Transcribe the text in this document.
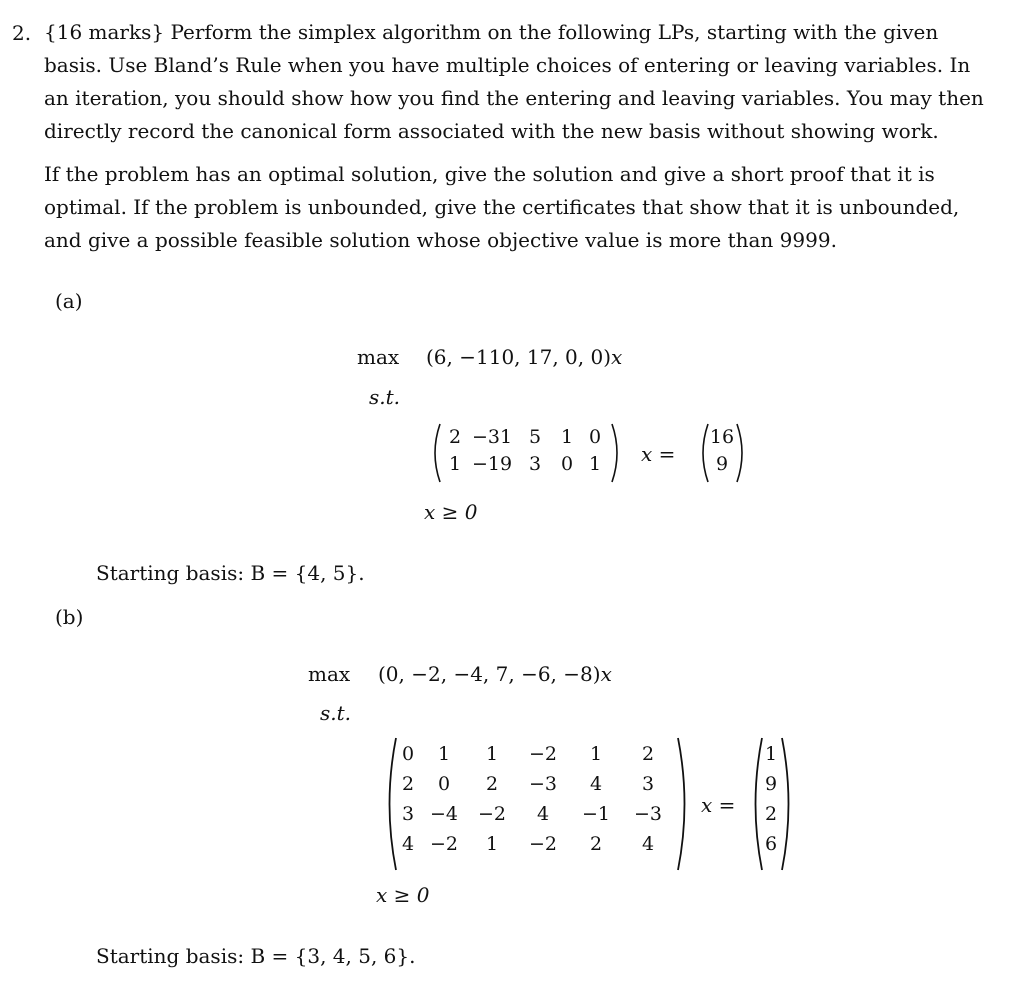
2. {16 marks} Perform the simplex algorithm on the following LPs, starting with the given
basis. Use Bland’s Rule when you have multiple choices of entering or leaving variables. In
an iteration, you should show how you find the entering and leaving variables. You may then
directly record the canonical form associated with the new basis without showing work.
If the problem has an optimal solution, give the solution and give a short proof that it is
optimal. If the problem is unbounded, give the certificates that show that it is unbounded,
and give a possible feasible solution whose objective value is more than 9999.
(a)
max (6, −110, 17, 0, 0)x
s.t.
2	−31	5	1	0
1	−19	3	0	1 x =
16
9
x ≥ 0
Starting basis: B = {4, 5}.
(b)
max (0, −2, −4, 7, −6, −8)x
s.t.
0	1	1	−2	1	2
2	0	2	−3	4	3
3	−4	−2	4	−1	−3
4	−2	1	−2	2	4
x =
1
9
2
6
x ≥ 0
Starting basis: B = {3, 4, 5, 6}.
